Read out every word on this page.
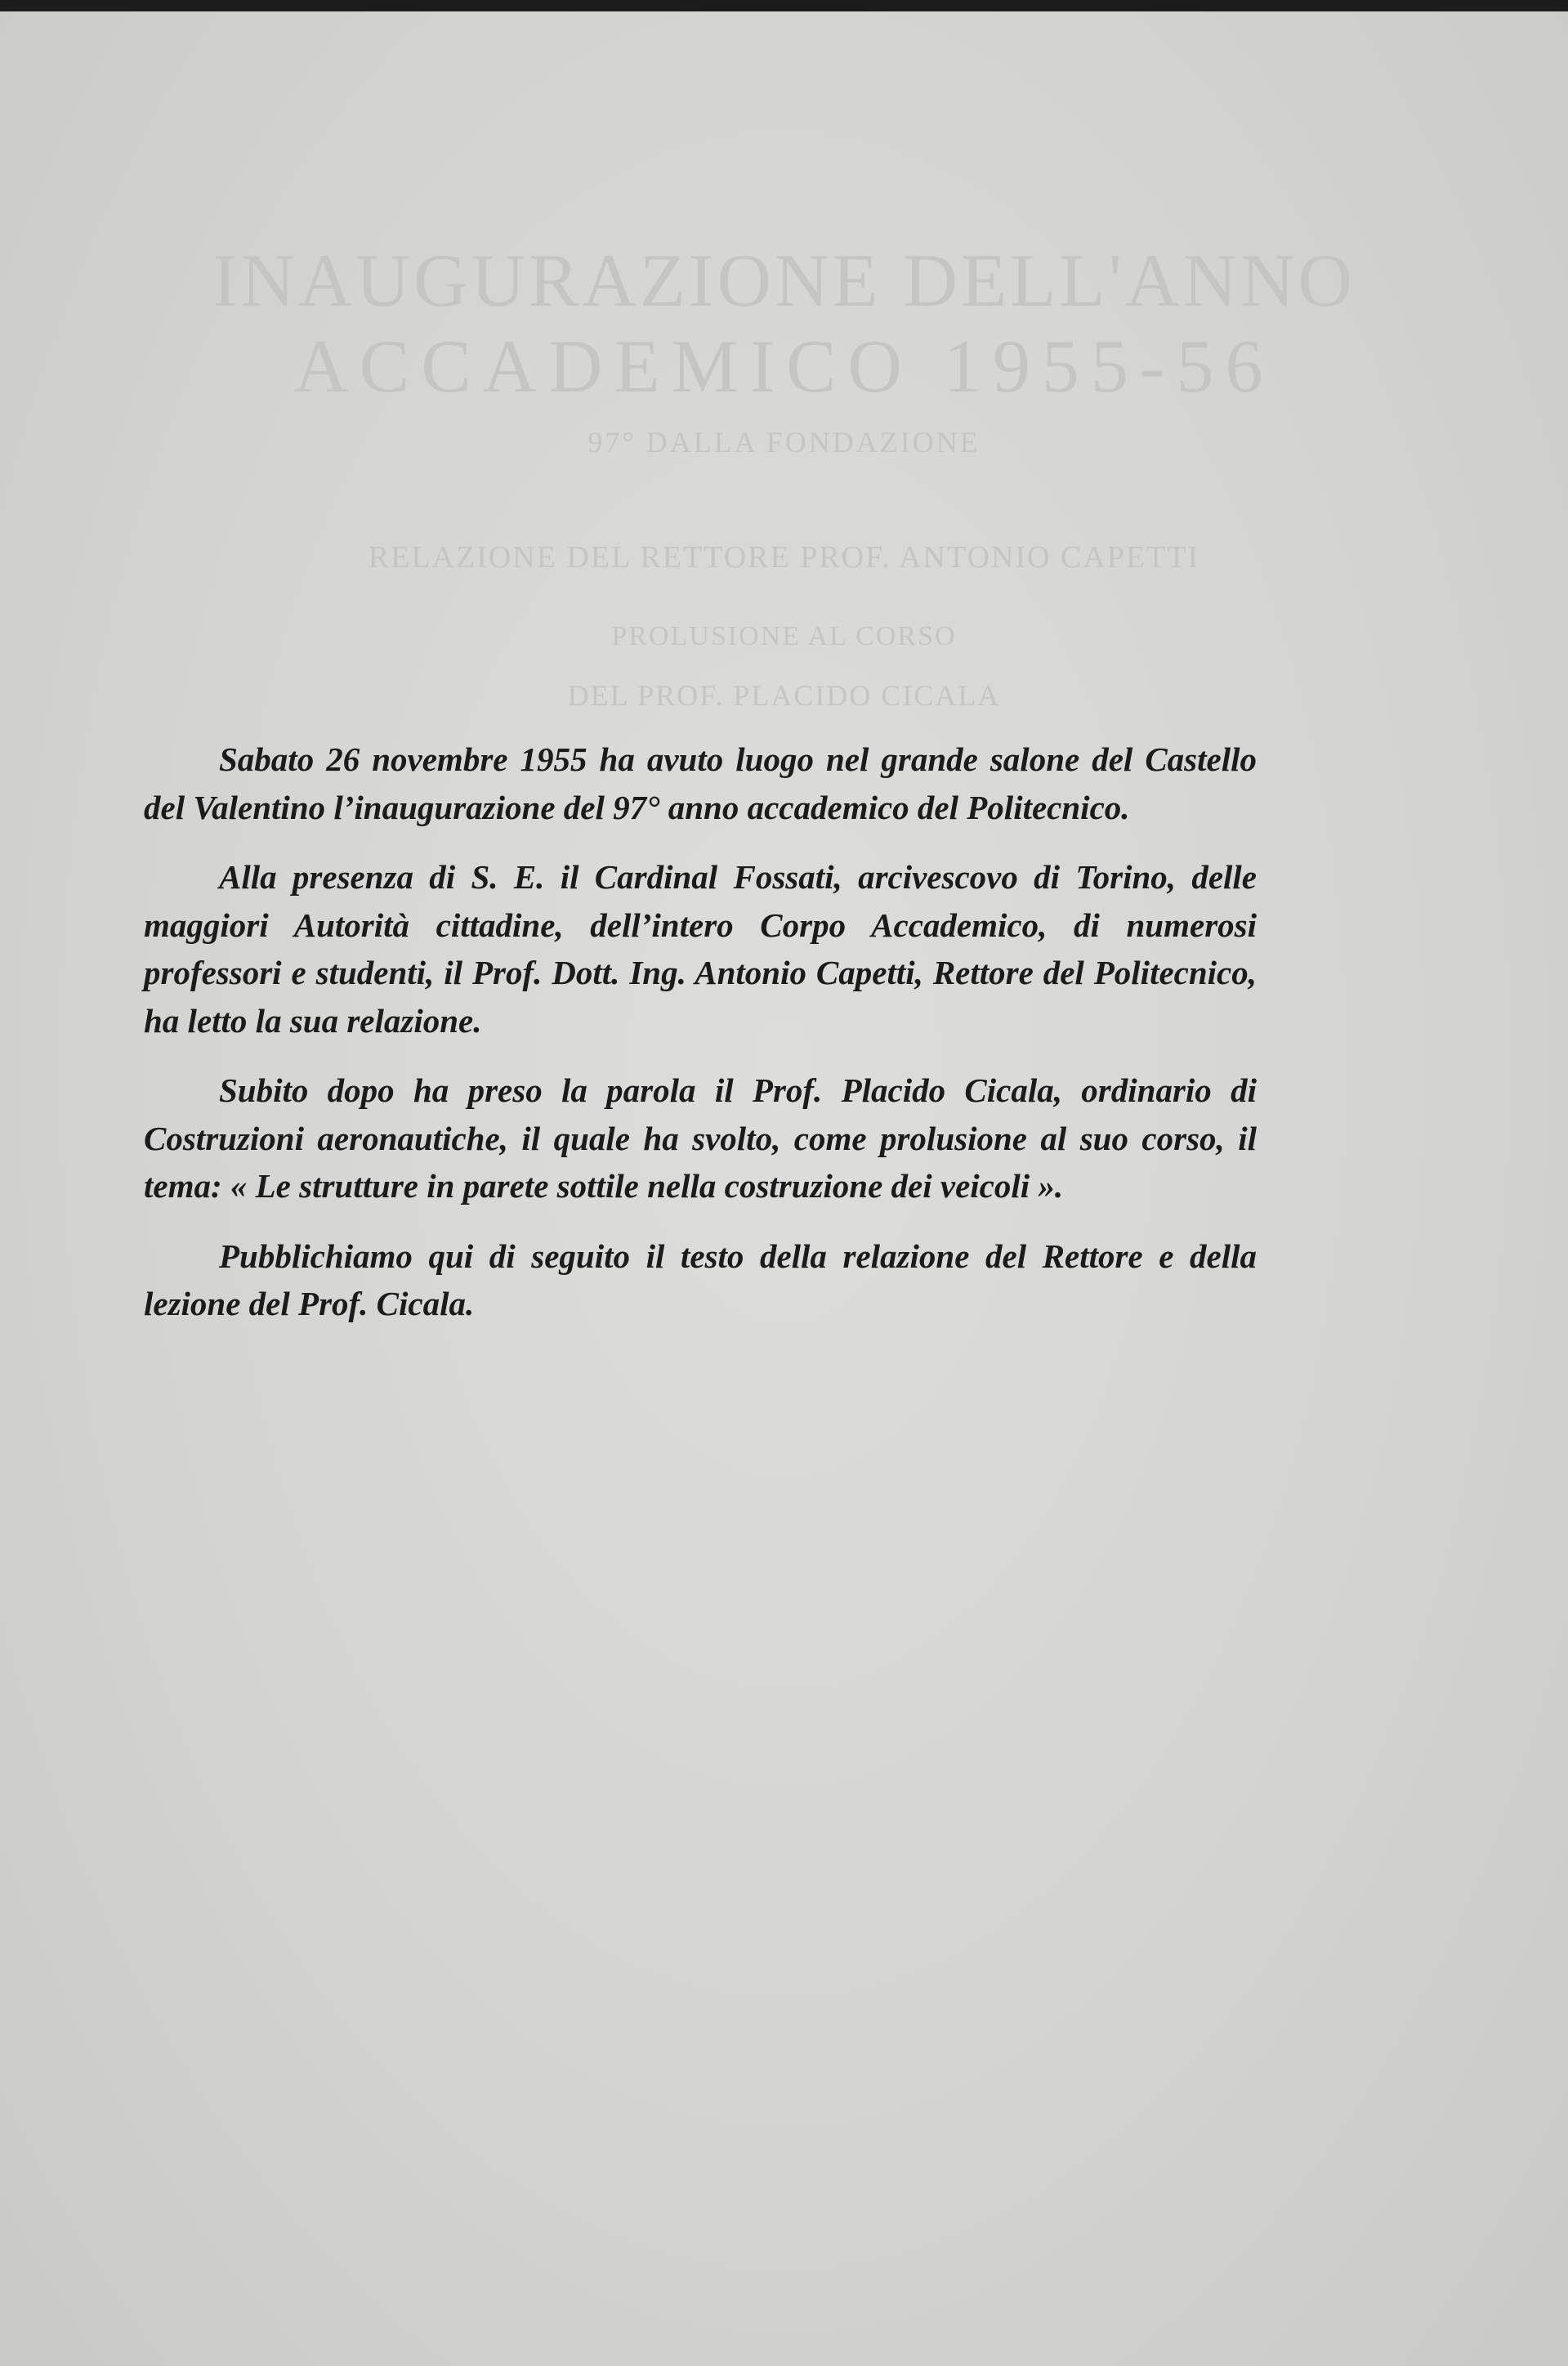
INAUGURAZIONE DELL'ANNO
ACCADEMICO 1955-56
97° DALLA FONDAZIONE
RELAZIONE DEL RETTORE PROF. ANTONIO CAPETTI
PROLUSIONE AL CORSO
DEL PROF. PLACIDO CICALA

Sabato 26 novembre 1955 ha avuto luogo nel grande salone del Castello del Valentino l’inaugurazione del 97° anno accademico del Politecnico.

Alla presenza di S. E. il Cardinal Fossati, arcivescovo di Torino, delle maggiori Autorità cittadine, dell’intero Corpo Accademico, di numerosi professori e studenti, il Prof. Dott. Ing. Antonio Capetti, Rettore del Politecnico, ha letto la sua relazione.

Subito dopo ha preso la parola il Prof. Placido Cicala, ordinario di Costruzioni aeronautiche, il quale ha svolto, come prolusione al suo corso, il tema: « Le strutture in parete sottile nella costruzione dei veicoli ».

Pubblichiamo qui di seguito il testo della relazione del Rettore e della lezione del Prof. Cicala.
